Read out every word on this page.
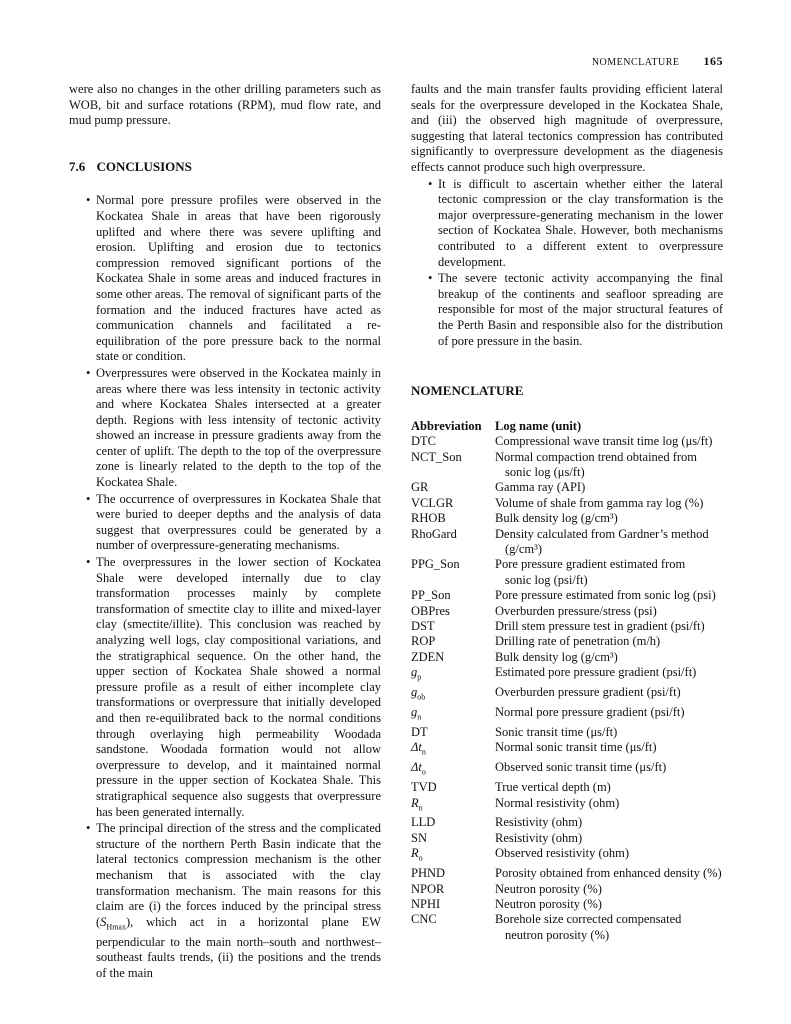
NOMENCLATURE 165

were also no changes in the other drilling parameters such as WOB, bit and surface rotations (RPM), mud flow rate, and mud pump pressure.

7.6 CONCLUSIONS
• Normal pore pressure profiles were observed in the Kockatea Shale in areas that have been rigorously uplifted and where there was severe uplifting and erosion. Uplifting and erosion due to tectonics compression removed significant portions of the Kockatea Shale in some areas and induced fractures in some other areas. The removal of significant parts of the formation and the induced fractures have acted as communication channels and facilitated a re-equilibration of the pore pressure back to the normal state or condition.
• Overpressures were observed in the Kockatea mainly in areas where there was less intensity in tectonic activity and where Kockatea Shales intersected at a greater depth. Regions with less intensity of tectonic activity showed an increase in pressure gradients away from the center of uplift. The depth to the top of the overpressure zone is linearly related to the depth to the top of the Kockatea Shale.
• The occurrence of overpressures in Kockatea Shale that were buried to deeper depths and the analysis of data suggest that overpressures could be generated by a number of overpressure-generating mechanisms.
• The overpressures in the lower section of Kockatea Shale were developed internally due to clay transformation processes mainly by complete transformation of smectite clay to illite and mixed-layer clay (smectite/illite). This conclusion was reached by analyzing well logs, clay compositional variations, and the stratigraphical sequence. On the other hand, the upper section of Kockatea Shale showed a normal pressure profile as a result of either incomplete clay transformations or overpressure that initially developed and then re-equilibrated back to the normal conditions through overlaying high permeability Woodada sandstone. Woodada formation would not allow overpressure to develop, and it maintained normal pressure in the upper section of Kockatea Shale. This stratigraphical sequence also suggests that overpressure has been generated internally.
• The principal direction of the stress and the complicated structure of the northern Perth Basin indicate that the lateral tectonics compression mechanism is the other mechanism that is associated with the clay transformation mechanism. The main reasons for this claim are (i) the forces induced by the principal stress $(S_{Hmax})$, which act in a horizontal plane EW perpendicular to the main north–south and northwest–southeast faults trends, (ii) the positions and the trends of the main

faults and the main transfer faults providing efficient lateral seals for the overpressure developed in the Kockatea Shale, and (iii) the observed high magnitude of overpressure, suggesting that lateral tectonics compression has contributed significantly to overpressure development as the diagenesis effects cannot produce such high overpressure.

• It is difficult to ascertain whether either the lateral tectonic compression or the clay transformation is the major overpressure-generating mechanism in the lower section of Kockatea Shale. However, both mechanisms contributed to a different extent to overpressure development.
• The severe tectonic activity accompanying the final breakup of the continents and seafloor spreading are responsible for most of the major structural features of the Perth Basin and responsible also for the distribution of pore pressure in the basin.
NOMENCLATURE
Abbreviation	Log name (unit)
DTC	Compressional wave transit time log (μs/ft)
NCT_Son	Normal compaction trend obtained from
sonic log (μs/ft)

GR	Gamma ray (API)
VCLGR	Volume of shale from gamma ray log (%)
RHOB	Bulk density log (g/cm³)
RhoGard	Density calculated from Gardner’s method
(g/cm³)

PPG_Son	Pore pressure gradient estimated from
sonic log (psi/ft)

PP_Son	Pore pressure estimated from sonic log (psi)
OBPres	Overburden pressure/stress (psi)
DST	Drill stem pressure test in gradient (psi/ft)
ROP	Drilling rate of penetration (m/h)
ZDEN	Bulk density log (g/cm³)
$g_p$	Estimated pore pressure gradient (psi/ft)
$g_{ob}$	Overburden pressure gradient (psi/ft)
$g_n$	Normal pore pressure gradient (psi/ft)
DT	Sonic transit time (μs/ft)
$\Delta t_n$	Normal sonic transit time (μs/ft)
$\Delta t_o$	Observed sonic transit time (μs/ft)
TVD	True vertical depth (m)
$R_n$	Normal resistivity (ohm)
LLD	Resistivity (ohm)
SN	Resistivity (ohm)
$R_o$	Observed resistivity (ohm)
PHND	Porosity obtained from enhanced density (%)
NPOR	Neutron porosity (%)
NPHI	Neutron porosity (%)
CNC	Borehole size corrected compensated
neutron porosity (%)
